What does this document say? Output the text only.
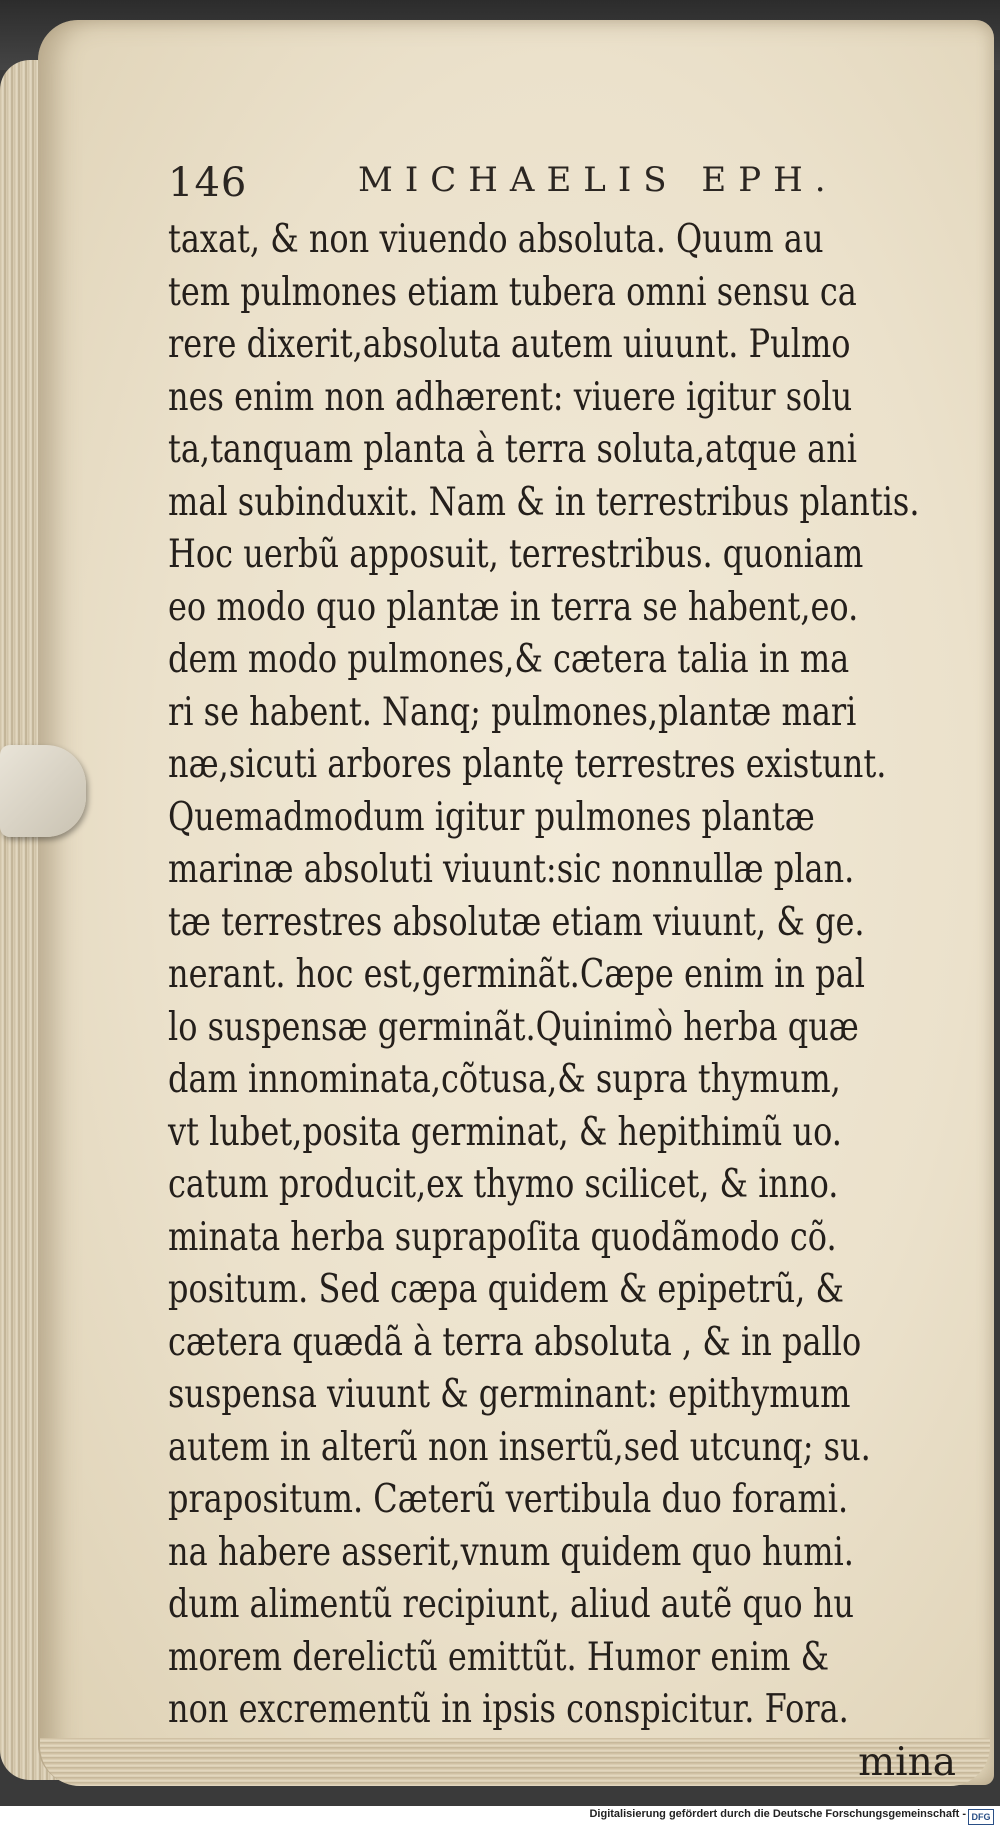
146	MICHAELIS EPH.
taxat, & non viuendo absoluta. Quum au
tem pulmones etiam tubera omni sensu ca
rere dixerit,absoluta autem uiuunt. Pulmo
nes enim non adhærent: viuere igitur solu
ta,tanquam planta à terra soluta,atque ani
mal subinduxit. Nam & in terrestribus plantis.
Hoc uerbũ apposuit, terrestribus. quoniam
eo modo quo plantæ in terra se habent,eo.
dem modo pulmones,& cætera talia in ma
ri se habent. Nanq; pulmones,plantæ mari
næ,sicuti arbores plantę terrestres existunt.
Quemadmodum igitur pulmones plantæ
marinæ absoluti viuunt:sic nonnullæ plan.
tæ terrestres absolutæ etiam viuunt, & ge.
nerant. hoc est,germinãt.Cæpe enim in pal
lo suspensæ germinãt.Quinimò herba quæ
dam innominata,cõtusa,& supra thymum,
vt lubet,posita germinat, & hepithimũ uo.
catum producit,ex thymo scilicet, & inno.
minata herba suprapoſita quodãmodo cõ.
positum. Sed cæpa quidem & epipetrũ, &
cætera quædã à terra absoluta , & in pallo
suspensa viuunt & germinant: epithymum
autem in alterũ non insertũ,sed utcunq; su.
prapositum. Cæterũ vertibula duo forami.
na habere asserit,vnum quidem quo humi.
dum alimentũ recipiunt, aliud autẽ quo hu
morem derelictũ emittũt. Humor enim &
non excrementũ in ipsis conspicitur. Fora.
mina
Digitalisierung gefördert durch die Deutsche Forschungsgemeinschaft - DFG
